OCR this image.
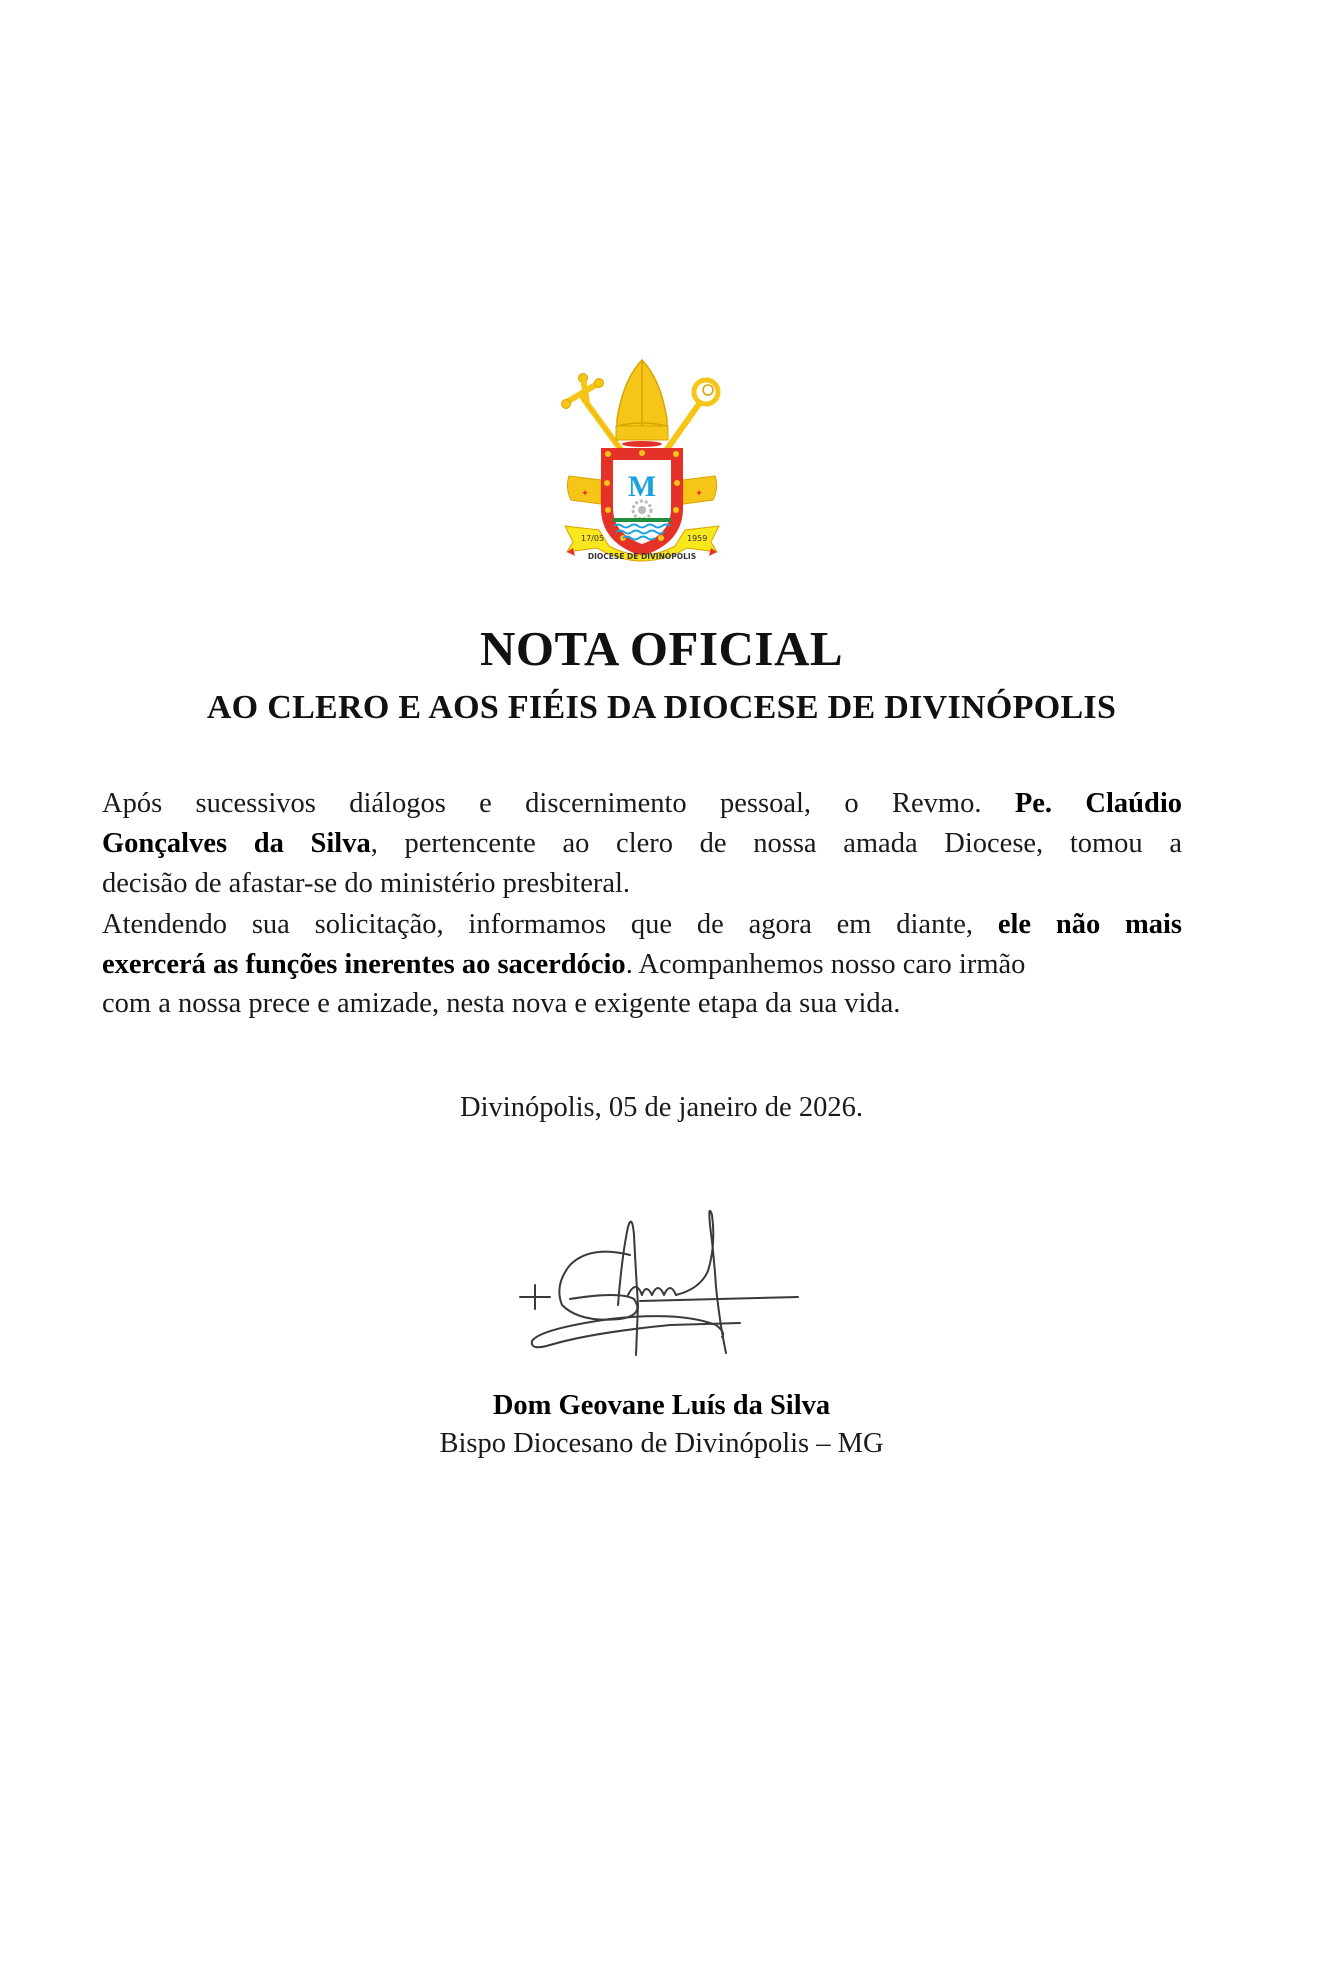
✦	✦
M
17/05	1959
DIOCESE DE DIVINÓPOLIS
NOTA OFICIAL
AO CLERO E AOS FIÉIS DA DIOCESE DE DIVINÓPOLIS
Após sucessivos diálogos e discernimento pessoal, o Revmo. Pe. Claúdio
Gonçalves da Silva, pertencente ao clero de nossa amada Diocese, tomou a
decisão de afastar-se do ministério presbiteral.
Atendendo sua solicitação, informamos que de agora em diante, ele não mais
exercerá as funções inerentes ao sacerdócio. Acompanhemos nosso caro irmão
com a nossa prece e amizade, nesta nova e exigente etapa da sua vida.
Divinópolis, 05 de janeiro de 2026.
Dom Geovane Luís da Silva
Bispo Diocesano de Divinópolis – MG
